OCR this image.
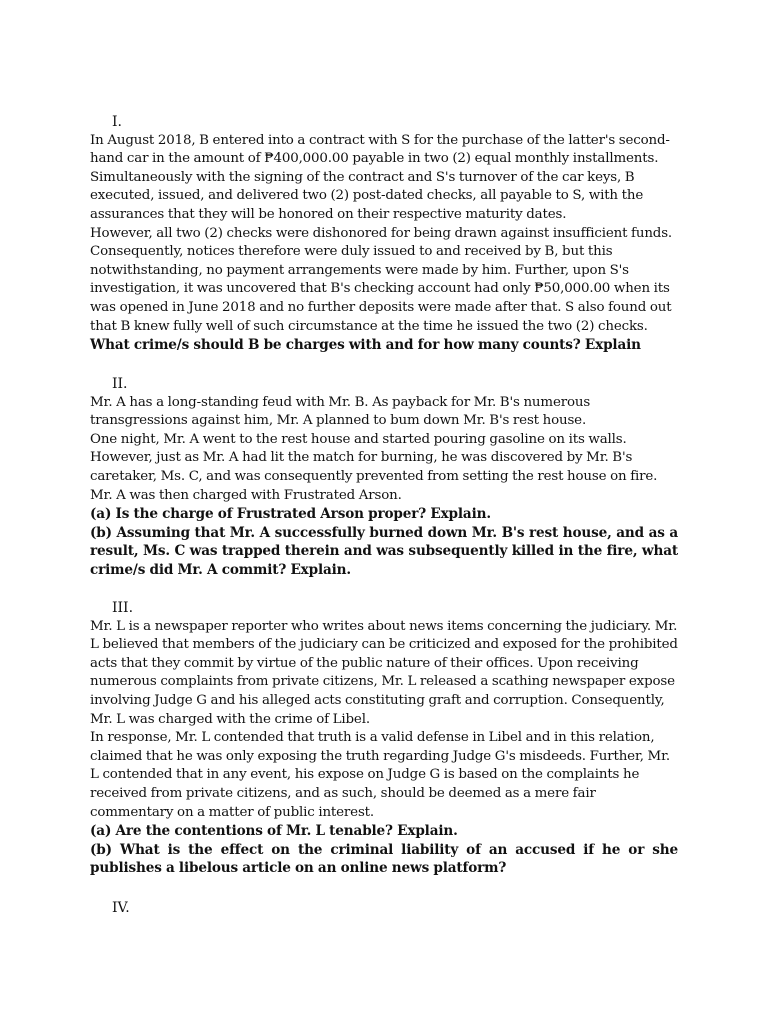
I.

In August 2018, B entered into a contract with S for the purchase of the latter's second-hand car in the amount of ₱400,000.00 payable in two (2) equal monthly installments. Simultaneously with the signing of the contract and S's turnover of the car keys, B executed, issued, and delivered two (2) post-dated checks, all payable to S, with the assurances that they will be honored on their respective maturity dates.

However, all two (2) checks were dishonored for being drawn against insufficient funds. Consequently, notices therefore were duly issued to and received by B, but this notwithstanding, no payment arrangements were made by him. Further, upon S's investigation, it was uncovered that B's checking account had only ₱50,000.00 when its was opened in June 2018 and no further deposits were made after that. S also found out that B knew fully well of such circumstance at the time he issued the two (2) checks.

What crime/s should B be charges with and for how many counts? Explain

II.

Mr. A has a long-standing feud with Mr. B. As payback for Mr. B's numerous transgressions against him, Mr. A planned to bum down Mr. B's rest house.

One night, Mr. A went to the rest house and started pouring gasoline on its walls. However, just as Mr. A had lit the match for burning, he was discovered by Mr. B's caretaker, Ms. C, and was consequently prevented from setting the rest house on fire. Mr. A was then charged with Frustrated Arson.

(a) Is the charge of Frustrated Arson proper? Explain.

(b) Assuming that Mr. A successfully burned down Mr. B's rest house, and as a result, Ms. C was trapped therein and was subsequently killed in the fire, what crime/s did Mr. A commit? Explain.

III.

Mr. L is a newspaper reporter who writes about news items concerning the judiciary. Mr. L believed that members of the judiciary can be criticized and exposed for the prohibited acts that they commit by virtue of the public nature of their offices. Upon receiving numerous complaints from private citizens, Mr. L released a scathing newspaper expose involving Judge G and his alleged acts constituting graft and corruption. Consequently, Mr. L was charged with the crime of Libel.

In response, Mr. L contended that truth is a valid defense in Libel and in this relation, claimed that he was only exposing the truth regarding Judge G's misdeeds. Further, Mr. L contended that in any event, his expose on Judge G is based on the complaints he received from private citizens, and as such, should be deemed as a mere fair commentary on a matter of public interest.

(a) Are the contentions of Mr. L tenable? Explain.

(b) What is the effect on the criminal liability of an accused if he or she publishes a libelous article on an online news platform?

IV.
